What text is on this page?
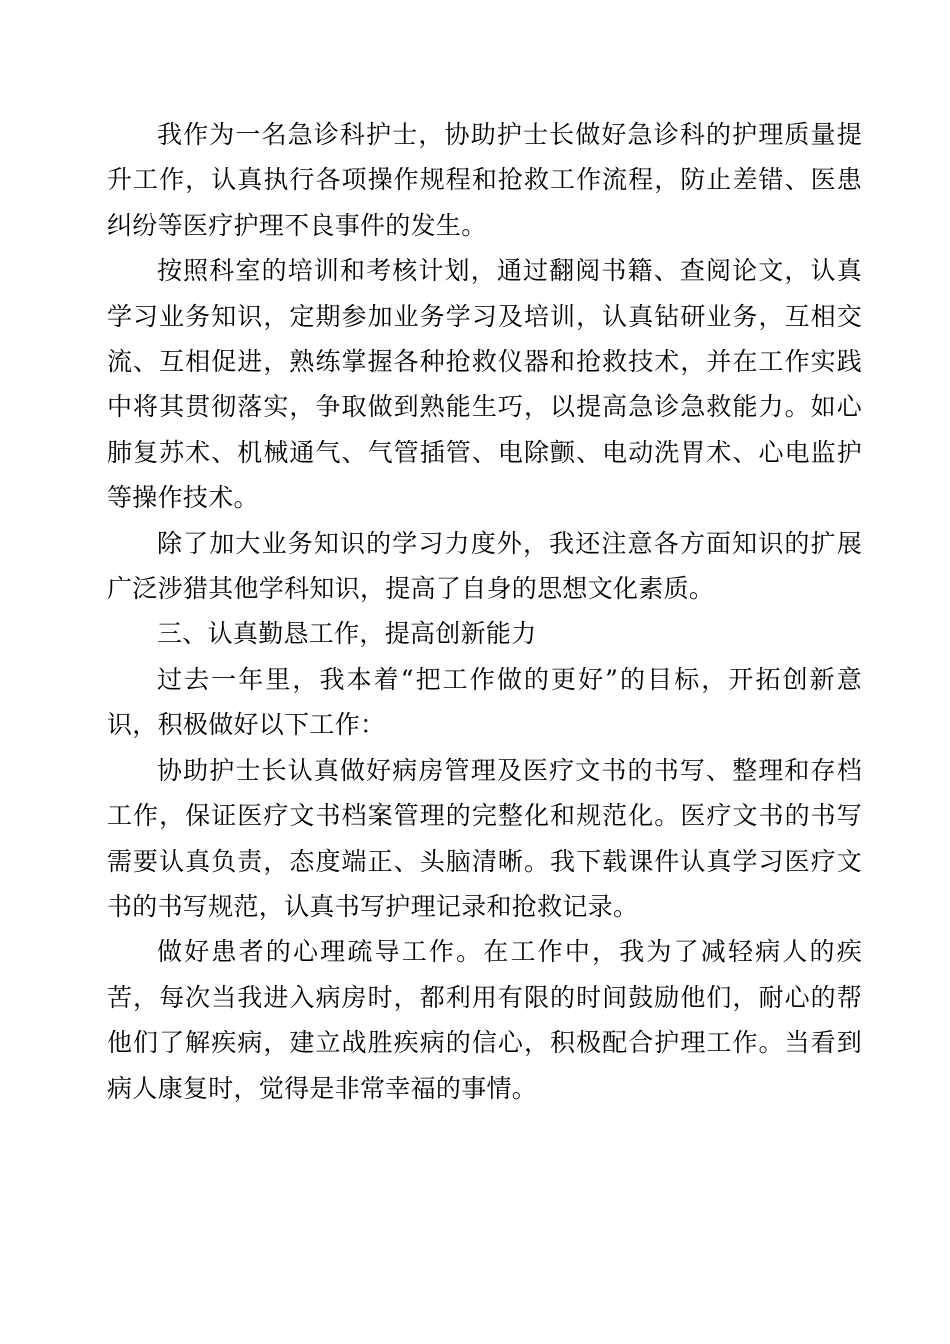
我作为一名急诊科护士，协助护士长做好急诊科的护理质量提升工作，认真执行各项操作规程和抢救工作流程，防止差错、医患纠纷等医疗护理不良事件的发生。

按照科室的培训和考核计划，通过翻阅书籍、查阅论文，认真学习业务知识，定期参加业务学习及培训，认真钻研业务，互相交流、互相促进，熟练掌握各种抢救仪器和抢救技术，并在工作实践中将其贯彻落实，争取做到熟能生巧，以提高急诊急救能力。如心肺复苏术、机械通气、气管插管、电除颤、电动洗胃术、心电监护等操作技术。

除了加大业务知识的学习力度外，我还注意各方面知识的扩展广泛涉猎其他学科知识，提高了自身的思想文化素质。

三、认真勤恳工作，提高创新能力

过去一年里，我本着“把工作做的更好”的目标，开拓创新意识，积极做好以下工作：

协助护士长认真做好病房管理及医疗文书的书写、整理和存档工作，保证医疗文书档案管理的完整化和规范化。医疗文书的书写需要认真负责，态度端正、头脑清晰。我下载课件认真学习医疗文书的书写规范，认真书写护理记录和抢救记录。

做好患者的心理疏导工作。在工作中，我为了减轻病人的疾苦，每次当我进入病房时，都利用有限的时间鼓励他们，耐心的帮他们了解疾病，建立战胜疾病的信心，积极配合护理工作。当看到病人康复时，觉得是非常幸福的事情。
